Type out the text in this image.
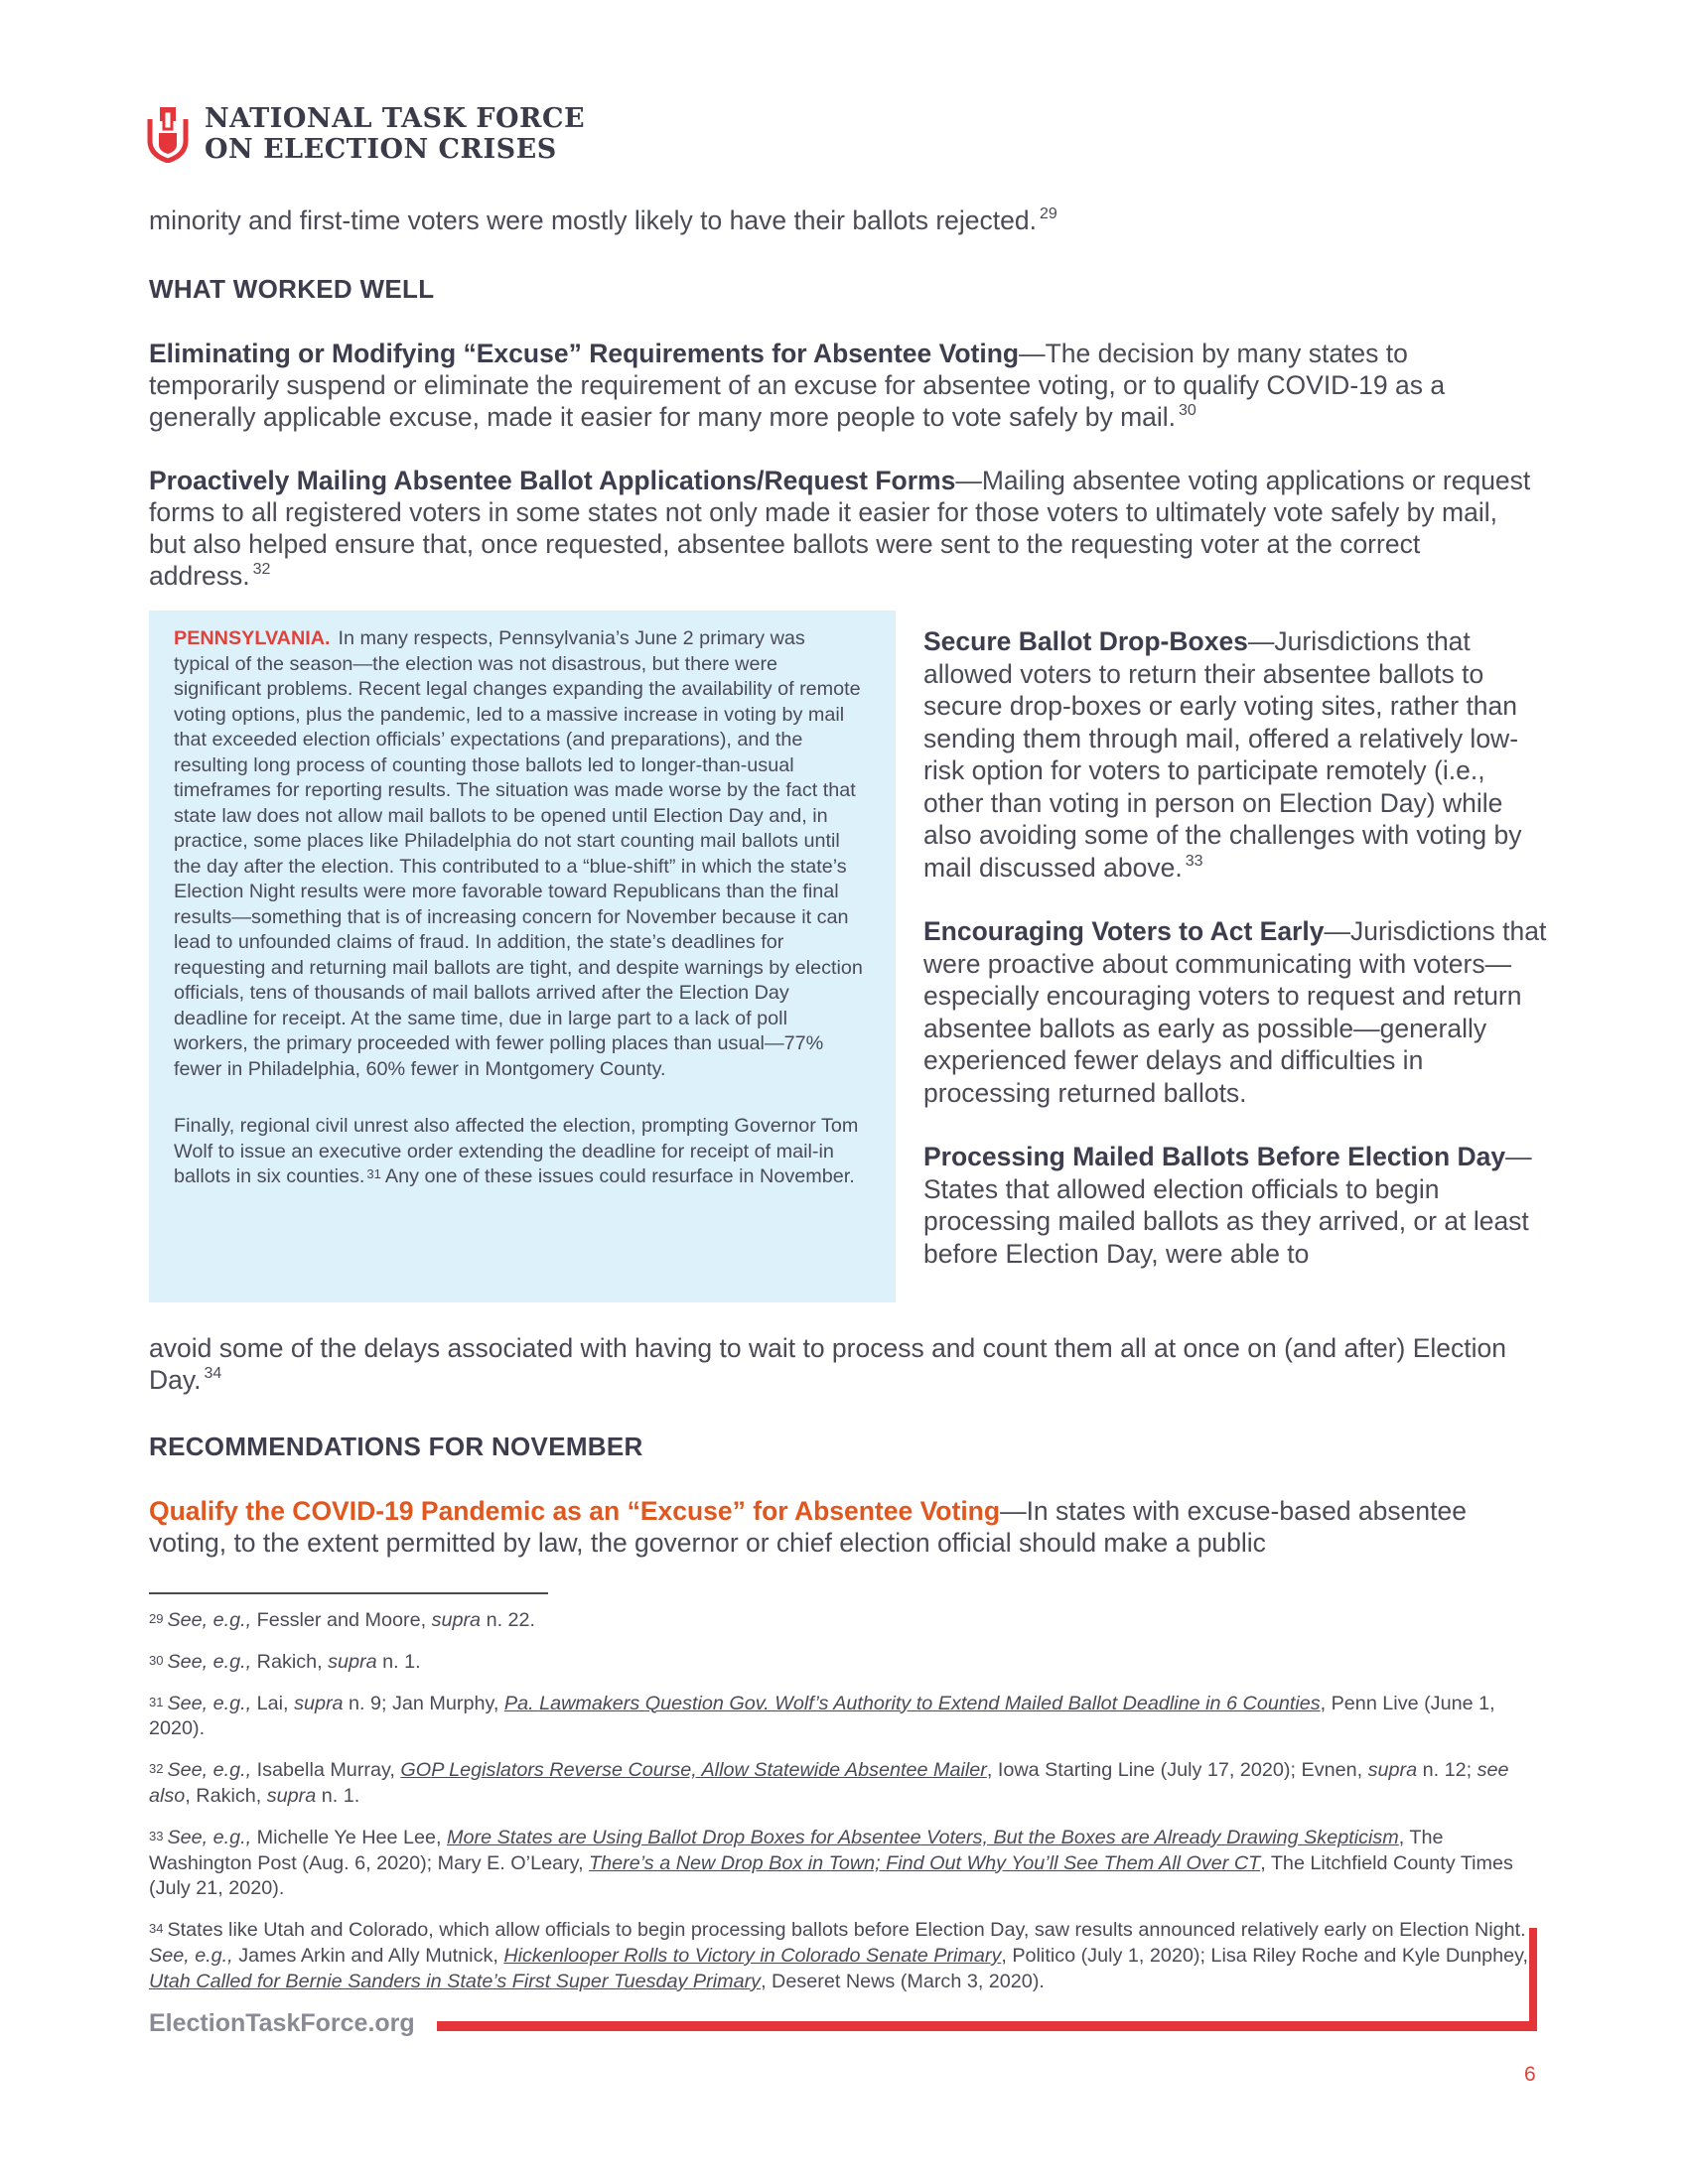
NATIONAL TASK FORCE
ON ELECTION CRISES
minority and first-time voters were mostly likely to have their ballots rejected. $^{29}$
WHAT WORKED WELL
Eliminating or Modifying “Excuse” Requirements for Absentee Voting—The decision by many states to temporarily suspend or eliminate the requirement of an excuse for absentee voting, or to qualify COVID-19 as a generally applicable excuse, made it easier for many more people to vote safely by mail. $^{30}$
Proactively Mailing Absentee Ballot Applications/Request Forms—Mailing absentee voting applications or request forms to all registered voters in some states not only made it easier for those voters to ultimately vote safely by mail, but also helped ensure that, once requested, absentee ballots were sent to the requesting voter at the correct address. $^{32}$

PENNSYLVANIA. In many respects, Pennsylvania’s June 2 primary was typical of the season—the election was not disastrous, but there were significant problems. Recent legal changes expanding the availability of remote voting options, plus the pandemic, led to a massive increase in voting by mail that exceeded election officials’ expectations (and preparations), and the resulting long process of counting those ballots led to longer-than-usual timeframes for reporting results. The situation was made worse by the fact that state law does not allow mail ballots to be opened until Election Day and, in practice, some places like Philadelphia do not start counting mail ballots until the day after the election. This contributed to a “blue-shift” in which the state’s Election Night results were more favorable toward Republicans than the final results—something that is of increasing concern for November because it can lead to unfounded claims of fraud. In addition, the state’s deadlines for requesting and returning mail ballots are tight, and despite warnings by election officials, tens of thousands of mail ballots arrived after the Election Day deadline for receipt. At the same time, due in large part to a lack of poll workers, the primary proceeded with fewer polling places than usual—77% fewer in Philadelphia, 60% fewer in Montgomery County.

Finally, regional civil unrest also affected the election, prompting Governor Tom Wolf to issue an executive order extending the deadline for receipt of mail-in ballots in six counties. $^{31}$ Any one of these issues could resurface in November.

Secure Ballot Drop-Boxes—Jurisdictions that allowed voters to return their absentee ballots to secure drop-boxes or early voting sites, rather than sending them through mail, offered a relatively low-risk option for voters to participate remotely (i.e., other than voting in person on Election Day) while also avoiding some of the challenges with voting by mail discussed above. $^{33}$

Encouraging Voters to Act Early—Jurisdictions that were proactive about communicating with voters—especially encouraging voters to request and return absentee ballots as early as possible—generally experienced fewer delays and difficulties in processing returned ballots.

Processing Mailed Ballots Before Election Day—States that allowed election officials to begin processing mailed ballots as they arrived, or at least before Election Day, were able to

avoid some of the delays associated with having to wait to process and count them all at once on (and after) Election Day. $^{34}$
RECOMMENDATIONS FOR NOVEMBER
Qualify the COVID-19 Pandemic as an “Excuse” for Absentee Voting—In states with excuse-based absentee voting, to the extent permitted by law, the governor or chief election official should make a public
$^{29}$ See, e.g., Fessler and Moore, supra n. 22.
$^{30}$ See, e.g., Rakich, supra n. 1.
$^{31}$ See, e.g., Lai, supra n. 9; Jan Murphy, Pa. Lawmakers Question Gov. Wolf’s Authority to Extend Mailed Ballot Deadline in 6 Counties, Penn Live (June 1, 2020).
$^{32}$ See, e.g., Isabella Murray, GOP Legislators Reverse Course, Allow Statewide Absentee Mailer, Iowa Starting Line (July 17, 2020); Evnen, supra n. 12; see also, Rakich, supra n. 1.
$^{33}$ See, e.g., Michelle Ye Hee Lee, More States are Using Ballot Drop Boxes for Absentee Voters, But the Boxes are Already Drawing Skepticism, The Washington Post (Aug. 6, 2020); Mary E. O’Leary, There’s a New Drop Box in Town; Find Out Why You’ll See Them All Over CT, The Litchfield County Times (July 21, 2020).
$^{34}$ States like Utah and Colorado, which allow officials to begin processing ballots before Election Day, saw results announced relatively early on Election Night. See, e.g., James Arkin and Ally Mutnick, Hickenlooper Rolls to Victory in Colorado Senate Primary, Politico (July 1, 2020); Lisa Riley Roche and Kyle Dunphey, Utah Called for Bernie Sanders in State’s First Super Tuesday Primary, Deseret News (March 3, 2020).
ElectionTaskForce.org
6
